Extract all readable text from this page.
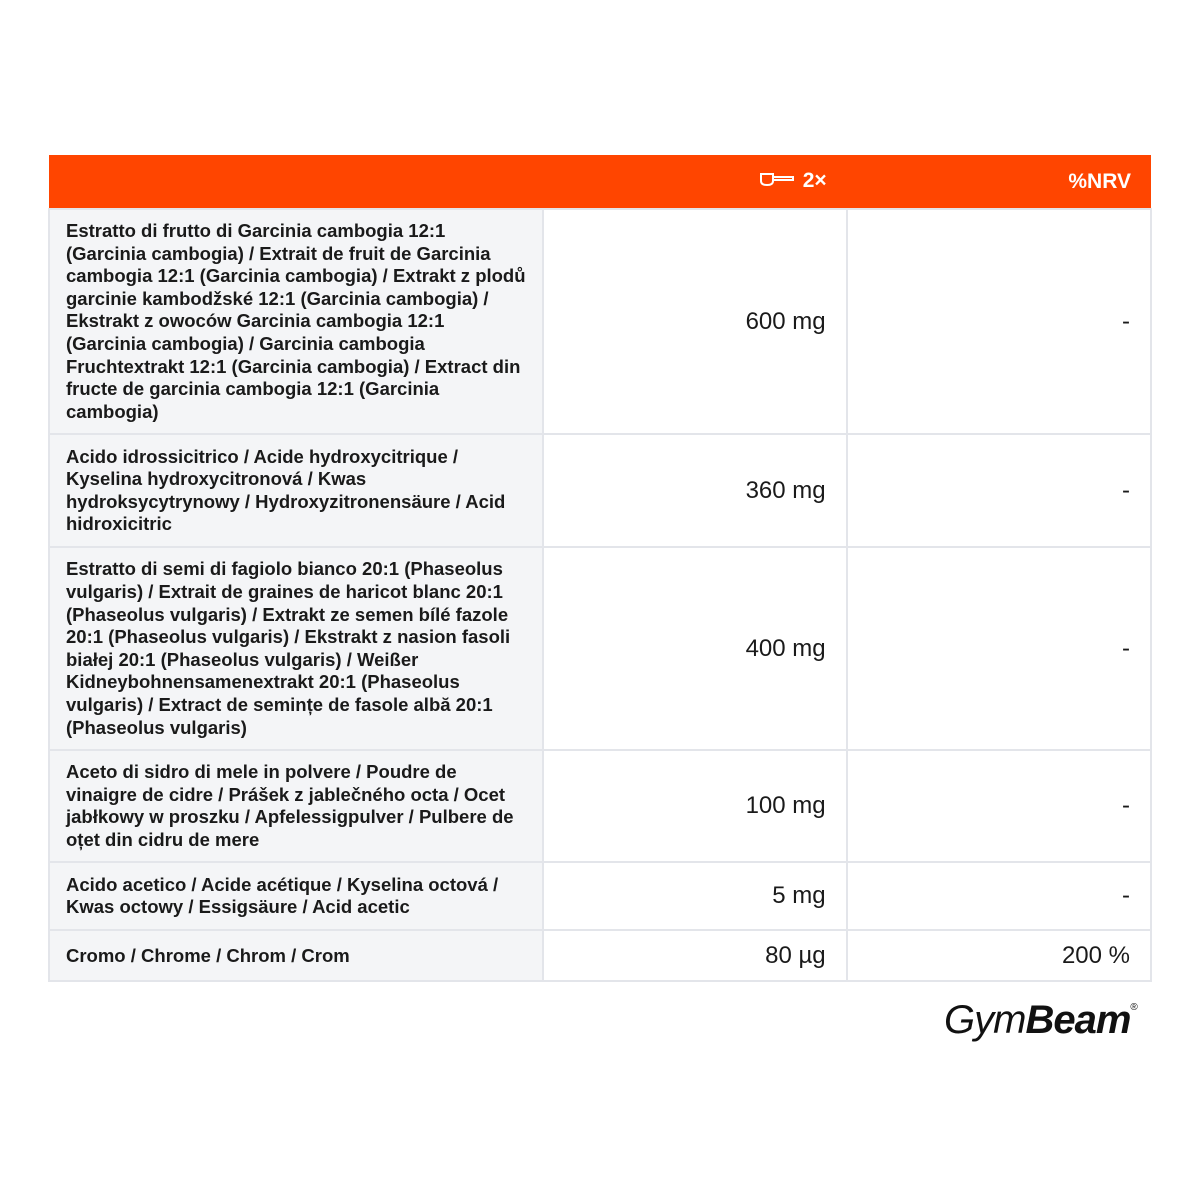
	2×	%NRV
Estratto di frutto di Garcinia cambogia 12:1 (Garcinia cambogia) / Extrait de fruit de Garcinia cambogia 12:1 (Garcinia cambogia) / Extrakt z plodů garcinie kambodžské 12:1 (Garcinia cambogia) / Ekstrakt z owoców Garcinia cambogia 12:1 (Garcinia cambogia) / Garcinia cambogia Fruchtextrakt 12:1 (Garcinia cambogia) / Extract din fructe de garcinia cambogia 12:1 (Garcinia cambogia)	600 mg	-
Acido idrossicitrico / Acide hydroxycitrique / Kyselina hydroxycitronová / Kwas hydroksycytrynowy / Hydroxyzitronensäure / Acid hidroxicitric	360 mg	-
Estratto di semi di fagiolo bianco 20:1 (Phaseolus vulgaris) / Extrait de graines de haricot blanc 20:1 (Phaseolus vulgaris) / Extrakt ze semen bílé fazole 20:1 (Phaseolus vulgaris) / Ekstrakt z nasion fasoli białej 20:1 (Phaseolus vulgaris) / Weißer Kidneybohnensamenextrakt 20:1 (Phaseolus vulgaris) / Extract de semințe de fasole albă 20:1 (Phaseolus vulgaris)	400 mg	-
Aceto di sidro di mele in polvere / Poudre de vinaigre de cidre / Prášek z jablečného octa / Ocet jabłkowy w proszku / Apfelessigpulver / Pulbere de oțet din cidru de mere	100 mg	-
Acido acetico / Acide acétique / Kyselina octová / Kwas octowy / Essigsäure / Acid acetic	5 mg	-
Cromo / Chrome / Chrom / Crom	80 µg	200 %
GymBeam®
